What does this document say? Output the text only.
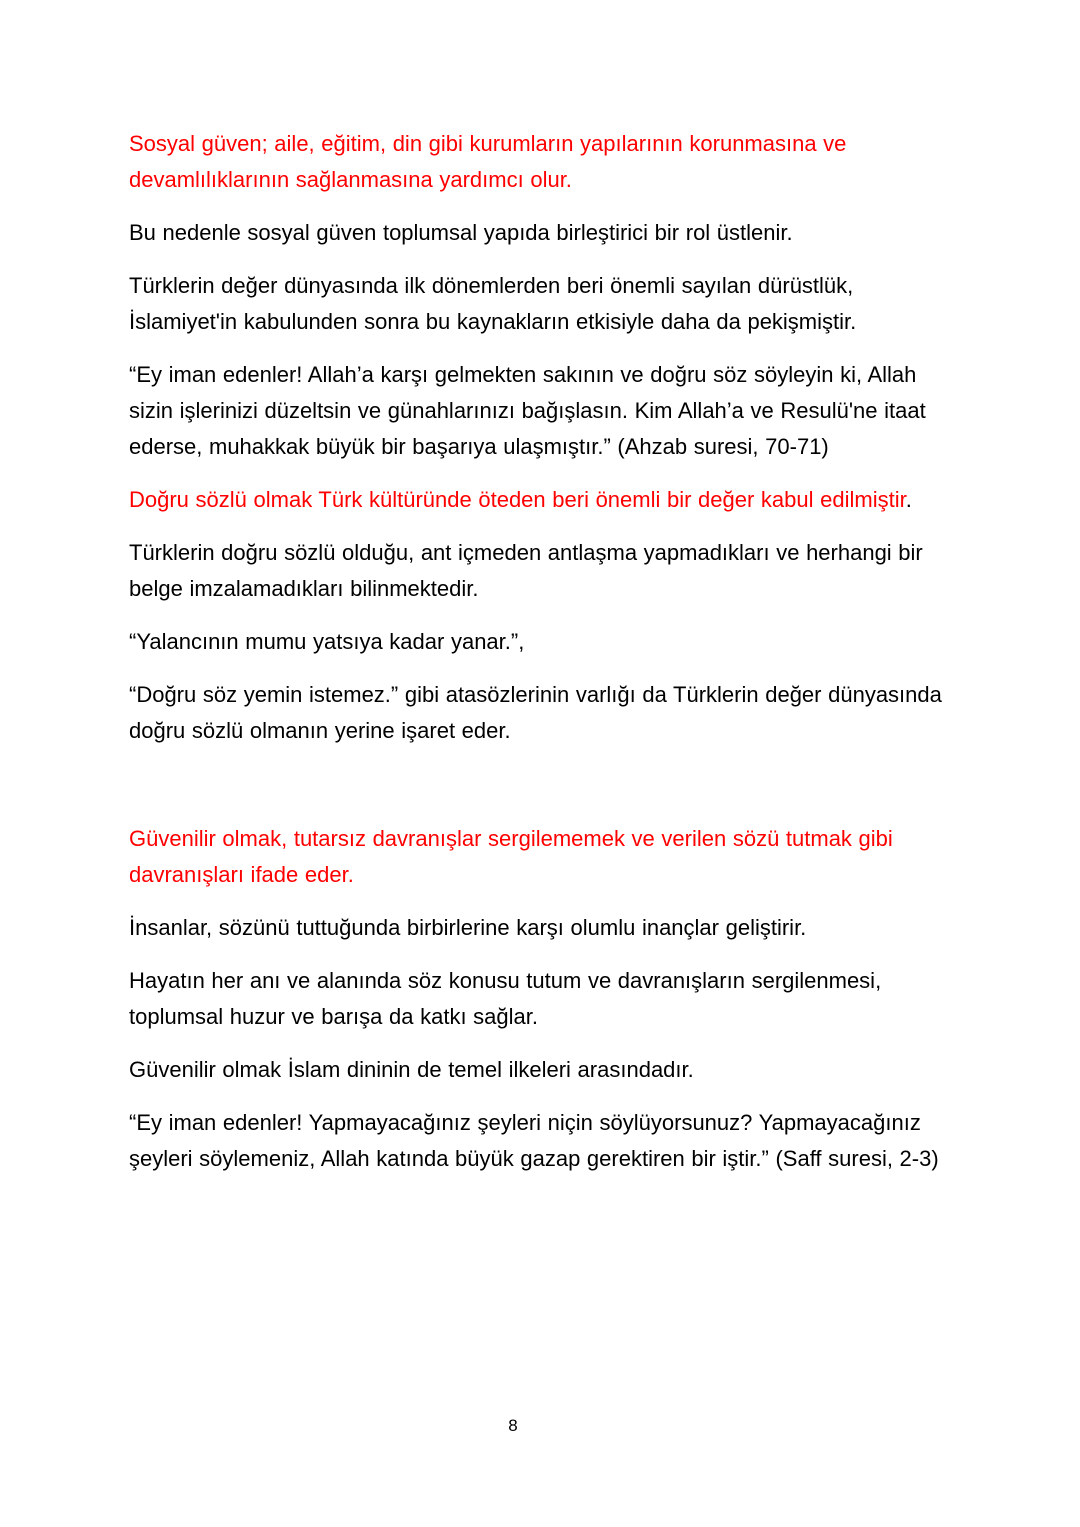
Sosyal güven; aile, eğitim, din gibi kurumların yapılarının korunmasına ve devamlılıklarının sağlanmasına yardımcı olur.

Bu nedenle sosyal güven toplumsal yapıda birleştirici bir rol üstlenir.

Türklerin değer dünyasında ilk dönemlerden beri önemli sayılan dürüstlük, İslamiyet'in kabulunden sonra bu kaynakların etkisiyle daha da pekişmiştir.

“Ey iman edenler! Allah’a karşı gelmekten sakının ve doğru söz söyleyin ki, Allah sizin işlerinizi düzeltsin ve günahlarınızı bağışlasın. Kim Allah’a ve Resulü'ne itaat ederse, muhakkak büyük bir başarıya ulaşmıştır.” (Ahzab suresi, 70-71)

Doğru sözlü olmak Türk kültüründe öteden beri önemli bir değer kabul edilmiştir.

Türklerin doğru sözlü olduğu, ant içmeden antlaşma yapmadıkları ve herhangi bir belge imzalamadıkları bilinmektedir.

“Yalancının mumu yatsıya kadar yanar.”,

“Doğru söz yemin istemez.” gibi atasözlerinin varlığı da Türklerin değer dünyasında doğru sözlü olmanın yerine işaret eder.

Güvenilir olmak, tutarsız davranışlar sergilememek ve verilen sözü tutmak gibi davranışları ifade eder.

İnsanlar, sözünü tuttuğunda birbirlerine karşı olumlu inançlar geliştirir.

Hayatın her anı ve alanında söz konusu tutum ve davranışların sergilenmesi, toplumsal huzur ve barışa da katkı sağlar.

Güvenilir olmak İslam dininin de temel ilkeleri arasındadır.

“Ey iman edenler! Yapmayacağınız şeyleri niçin söylüyorsunuz? Yapmayacağınız şeyleri söylemeniz, Allah katında büyük gazap gerektiren bir iştir.” (Saff suresi, 2-3)

8
